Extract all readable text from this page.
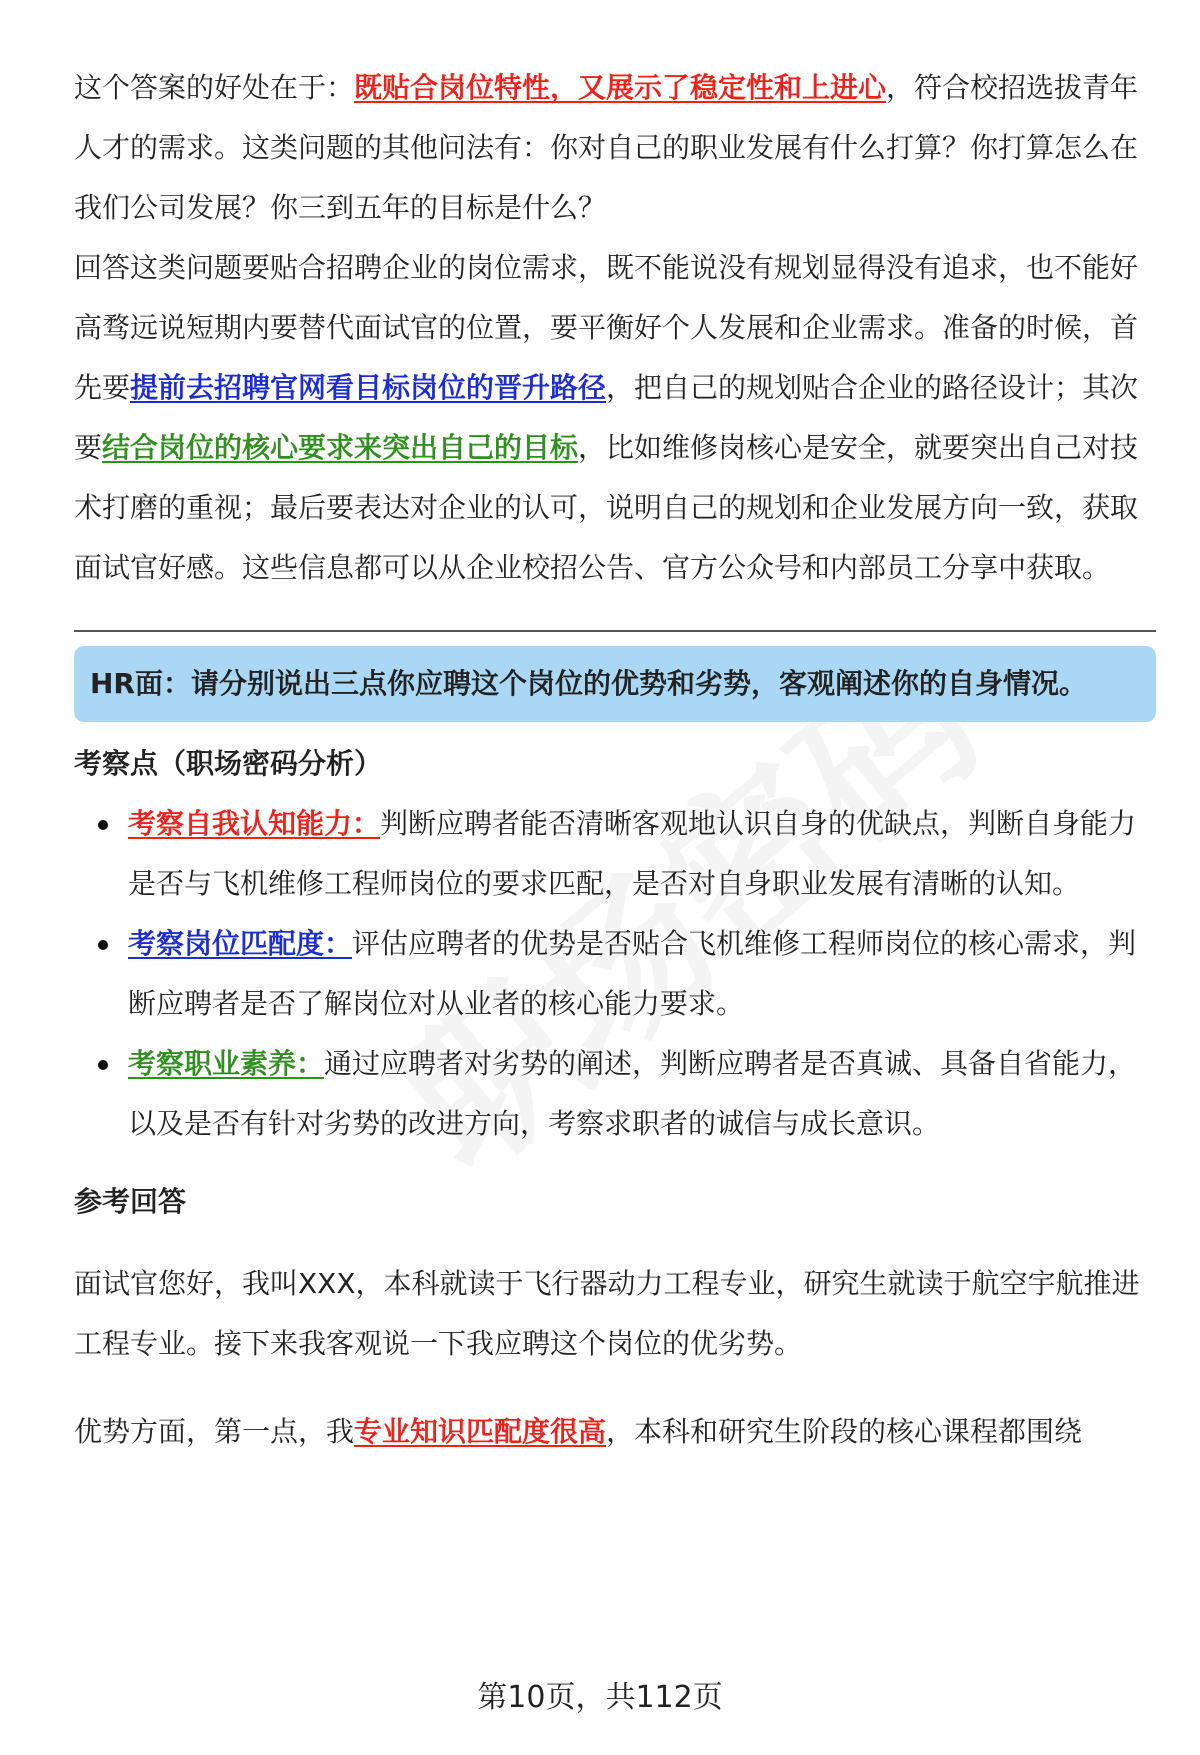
这个答案的好处在于：既贴合岗位特性，又展示了稳定性和上进心，符合校招选拔青年人才的需求。这类问题的其他问法有：你对自己的职业发展有什么打算？你打算怎么在我们公司发展？你三到五年的目标是什么？

回答这类问题要贴合招聘企业的岗位需求，既不能说没有规划显得没有追求，也不能好高骛远说短期内要替代面试官的位置，要平衡好个人发展和企业需求。准备的时候，首先要提前去招聘官网看目标岗位的晋升路径，把自己的规划贴合企业的路径设计；其次要结合岗位的核心要求来突出自己的目标，比如维修岗核心是安全，就要突出自己对技术打磨的重视；最后要表达对企业的认可，说明自己的规划和企业发展方向一致，获取面试官好感。这些信息都可以从企业校招公告、官方公众号和内部员工分享中获取。

HR面：请分别说出三点你应聘这个岗位的优势和劣势，客观阐述你的自身情况。
考察点（职场密码分析）
考察自我认知能力：判断应聘者能否清晰客观地认识自身的优缺点，判断自身能力是否与飞机维修工程师岗位的要求匹配，是否对自身职业发展有清晰的认知。
考察岗位匹配度：评估应聘者的优势是否贴合飞机维修工程师岗位的核心需求，判断应聘者是否了解岗位对从业者的核心能力要求。
考察职业素养：通过应聘者对劣势的阐述，判断应聘者是否真诚、具备自省能力，以及是否有针对劣势的改进方向，考察求职者的诚信与成长意识。
参考回答

面试官您好，我叫XXX，本科就读于飞行器动力工程专业，研究生就读于航空宇航推进工程专业。接下来我客观说一下我应聘这个岗位的优劣势。

优势方面，第一点，我专业知识匹配度很高，本科和研究生阶段的核心课程都围绕

第10页，共112页
